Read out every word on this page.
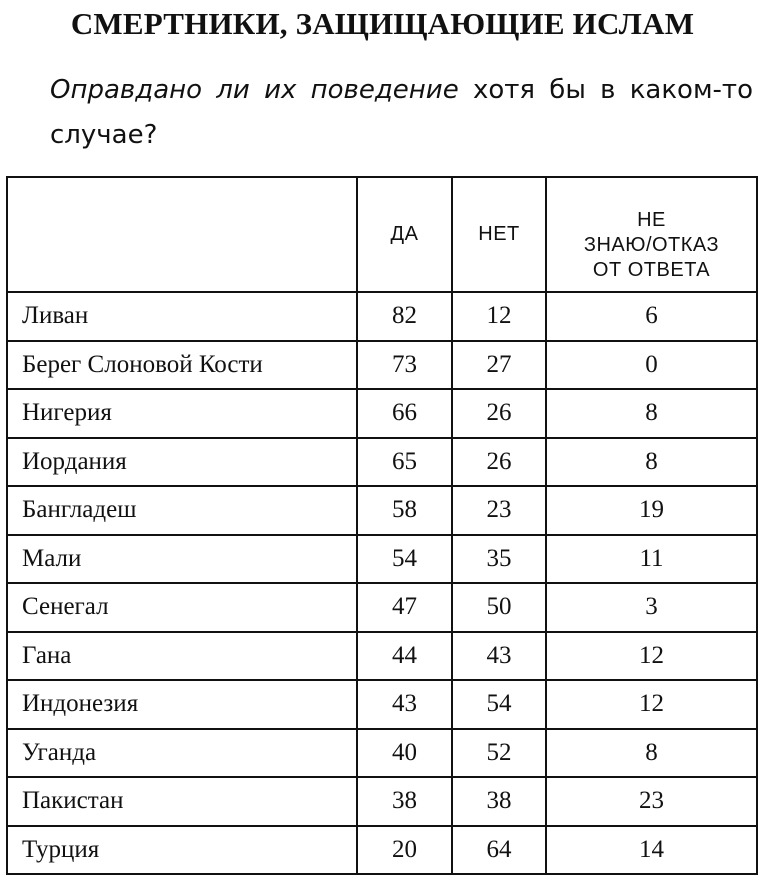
СМЕРТНИКИ, ЗАЩИЩАЮЩИЕ ИСЛАМ

Оправдано ли их поведение хотя бы в каком-то случае?

	ДА	НЕТ	НЕ
ЗНАЮ/ОТКАЗ
ОТ ОТВЕТА
Ливан	82	12	6
Берег Слоновой Кости	73	27	0
Нигерия	66	26	8
Иордания	65	26	8
Бангладеш	58	23	19
Мали	54	35	11
Сенегал	47	50	3
Гана	44	43	12
Индонезия	43	54	12
Уганда	40	52	8
Пакистан	38	38	23
Турция	20	64	14
